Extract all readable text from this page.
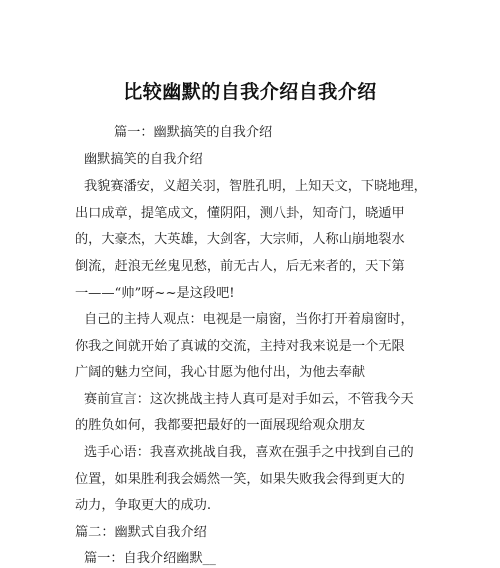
比较幽默的自我介绍自我介绍
篇一：幽默搞笑的自我介绍
幽默搞笑的自我介绍
我貌赛潘安，义超关羽，智胜孔明，上知天文，下晓地理，
出口成章，提笔成文，懂阴阳，测八卦，知奇门，晓遁甲
的，大豪杰，大英雄，大剑客，大宗师，人称山崩地裂水
倒流，赶浪无丝鬼见愁，前无古人，后无来者的，天下第
一——“帅”呀~~是这段吧!
自己的主持人观点：电视是一扇窗，当你打开着扇窗时，
你我之间就开始了真诚的交流，主持对我来说是一个无限
广阔的魅力空间，我心甘愿为他付出，为他去奉献
赛前宣言：这次挑战主持人真可是对手如云，不管我今天
的胜负如何，我都要把最好的一面展现给观众朋友
选手心语：我喜欢挑战自我，喜欢在强手之中找到自己的
位置，如果胜利我会嫣然一笑，如果失败我会得到更大的
动力，争取更大的成功.
篇二：幽默式自我介绍
篇一：自我介绍幽默__
